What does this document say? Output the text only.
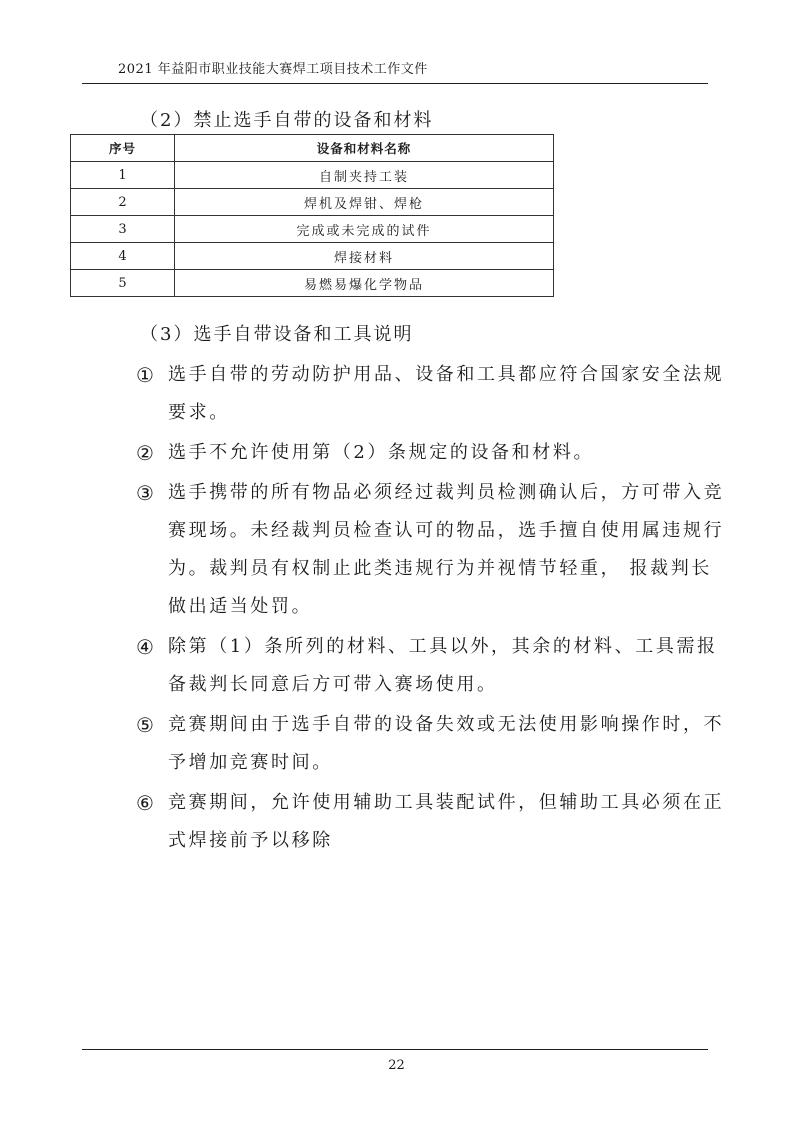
2021 年益阳市职业技能大赛焊工项目技术工作文件
（2）禁止选手自带的设备和材料
序号	设备和材料名称
1	自制夹持工装
2	焊机及焊钳、焊枪
3	完成或未完成的试件
4	焊接材料
5	易燃易爆化学物品
（3）选手自带设备和工具说明
① 选手自带的劳动防护用品、设备和工具都应符合国家安全法规要求。
② 选手不允许使用第（2）条规定的设备和材料。
③ 选手携带的所有物品必须经过裁判员检测确认后，方可带入竞赛现场。未经裁判员检查认可的物品，选手擅自使用属违规行为。裁判员有权制止此类违规行为并视情节轻重， 报裁判长做出适当处罚。
④ 除第（1）条所列的材料、工具以外，其余的材料、工具需报备裁判长同意后方可带入赛场使用。
⑤ 竞赛期间由于选手自带的设备失效或无法使用影响操作时，不予增加竞赛时间。
⑥ 竞赛期间，允许使用辅助工具装配试件，但辅助工具必须在正式焊接前予以移除
22
